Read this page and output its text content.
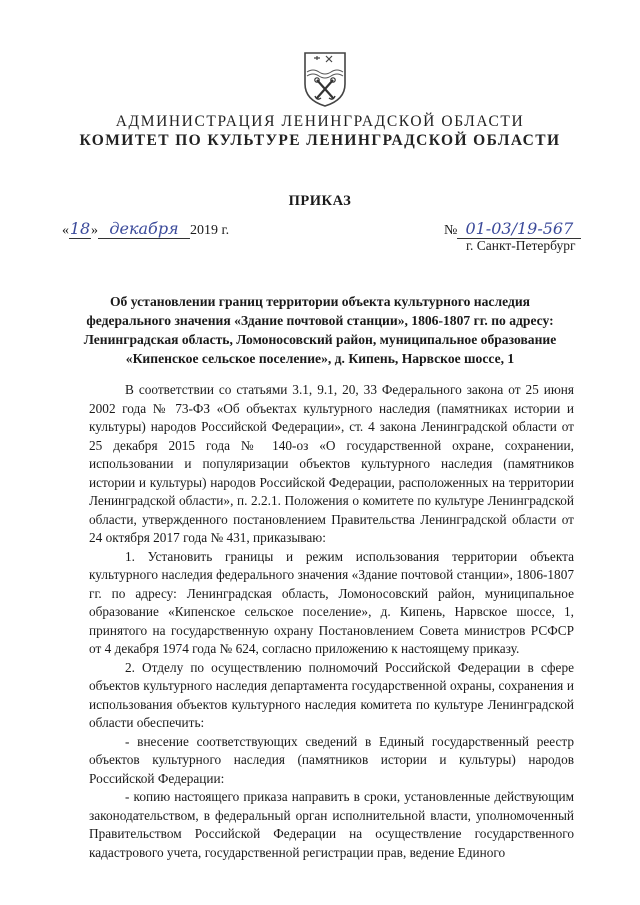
АДМИНИСТРАЦИЯ ЛЕНИНГРАДСКОЙ ОБЛАСТИ
КОМИТЕТ ПО КУЛЬТУРЕ ЛЕНИНГРАДСКОЙ ОБЛАСТИ
ПРИКАЗ
«18» декабря 2019 г.	№ 01-03/19-567
г. Санкт-Петербург
Об установлении границ территории объекта культурного наследия федерального значения «Здание почтовой станции», 1806-1807 гг. по адресу: Ленинградская область, Ломоносовский район, муниципальное образование «Кипенское сельское поселение», д. Кипень, Нарвское шоссе, 1

В соответствии со статьями 3.1, 9.1, 20, 33 Федерального закона от 25 июня 2002 года № 73-ФЗ «Об объектах культурного наследия (памятниках истории и культуры) народов Российской Федерации», ст. 4 закона Ленинградской области от 25 декабря 2015 года № 140-оз «О государственной охране, сохранении, использовании и популяризации объектов культурного наследия (памятников истории и культуры) народов Российской Федерации, расположенных на территории Ленинградской области», п. 2.2.1. Положения о комитете по культуре Ленинградской области, утвержденного постановлением Правительства Ленинградской области от 24 октября 2017 года № 431, приказываю:

1. Установить границы и режим использования территории объекта культурного наследия федерального значения «Здание почтовой станции», 1806-1807 гг. по адресу: Ленинградская область, Ломоносовский район, муниципальное образование «Кипенское сельское поселение», д. Кипень, Нарвское шоссе, 1, принятого на государственную охрану Постановлением Совета министров РСФСР от 4 декабря 1974 года № 624, согласно приложению к настоящему приказу.

2. Отделу по осуществлению полномочий Российской Федерации в сфере объектов культурного наследия департамента государственной охраны, сохранения и использования объектов культурного наследия комитета по культуре Ленинградской области обеспечить:

- внесение соответствующих сведений в Единый государственный реестр объектов культурного наследия (памятников истории и культуры) народов Российской Федерации:

- копию настоящего приказа направить в сроки, установленные действующим законодательством, в федеральный орган исполнительной власти, уполномоченный Правительством Российской Федерации на осуществление государственного кадастрового учета, государственной регистрации прав, ведение Единого
